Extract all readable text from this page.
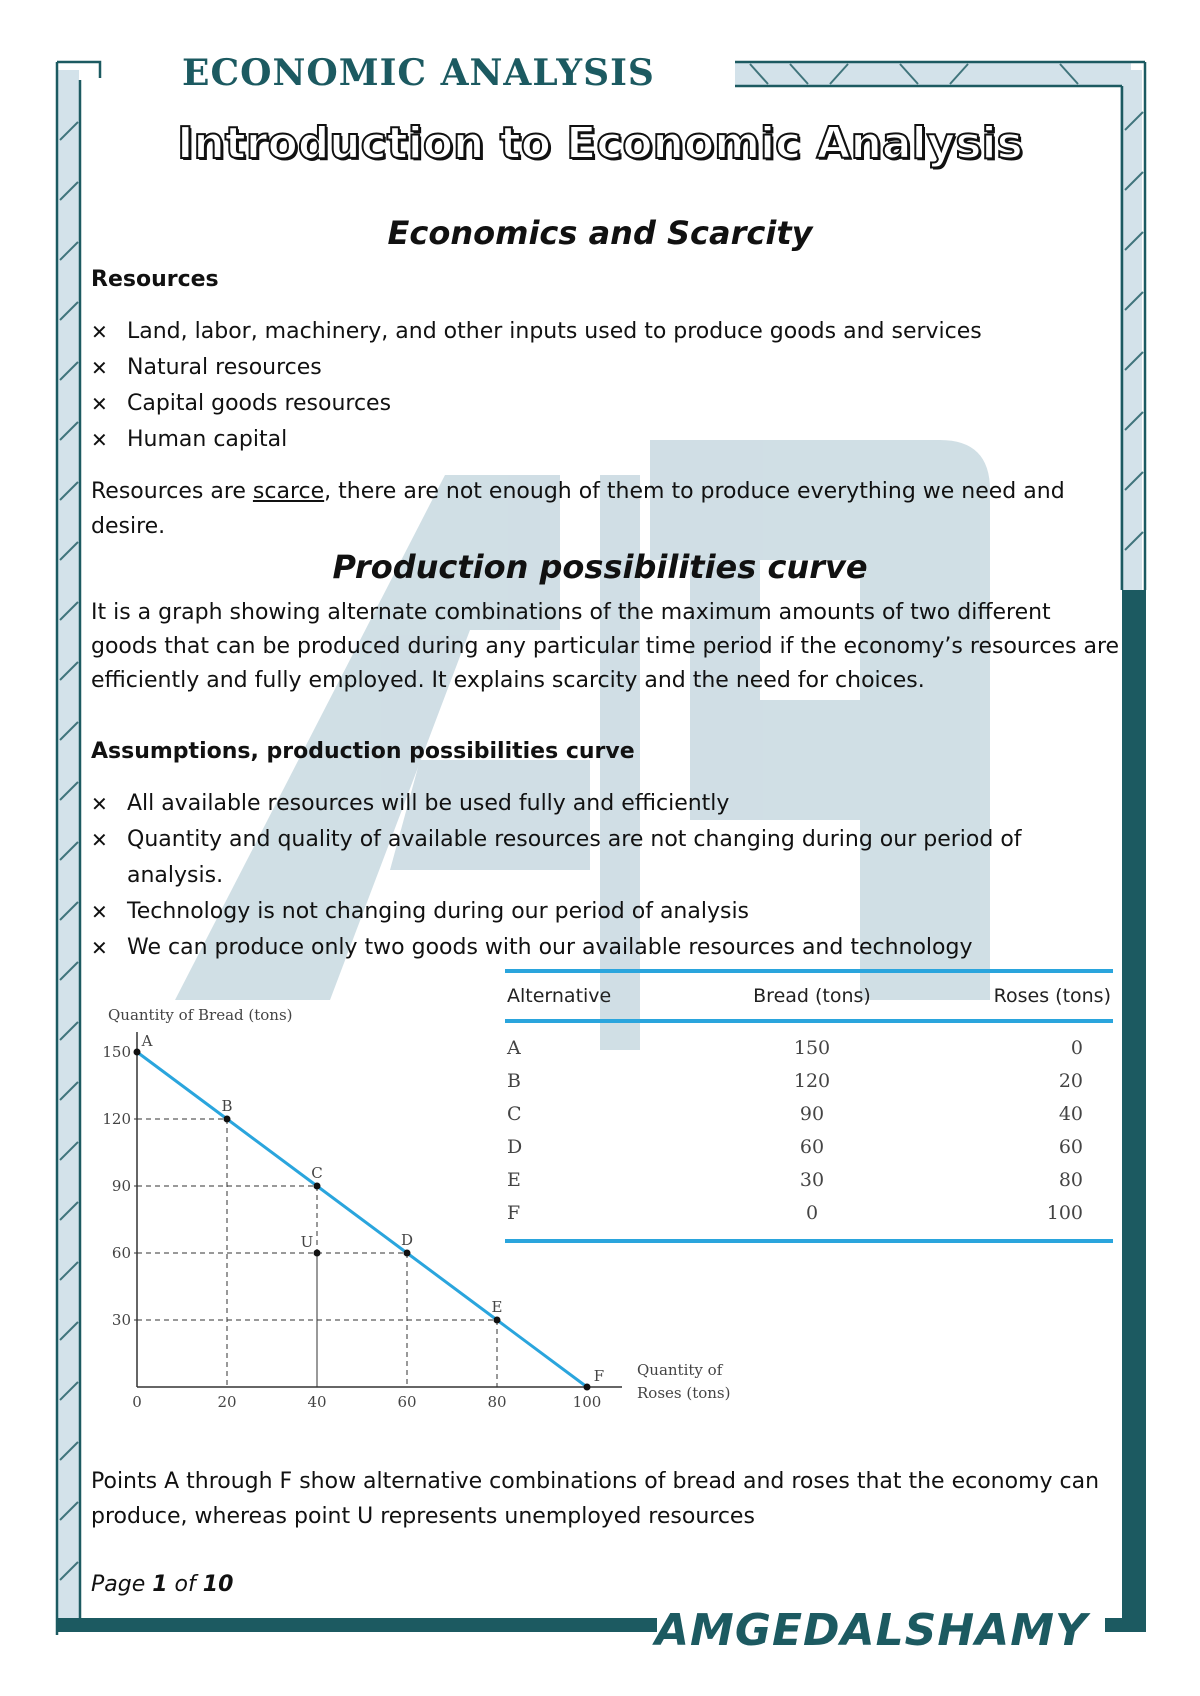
ECONOMIC ANALYSIS
Introduction to Economic Analysis
Economics and Scarcity
Resources
✕ Land, labor, machinery, and other inputs used to produce goods and services
✕ Natural resources
✕ Capital goods resources
✕ Human capital
Resources are scarce, there are not enough of them to produce everything we need and desire.
Production possibilities curve
It is a graph showing alternate combinations of the maximum amounts of two different goods that can be produced during any particular time period if the economy’s resources are efficiently and fully employed. It explains scarcity and the need for choices.
Assumptions, production possibilities curve
✕ All available resources will be used fully and efficiently
✕ Quantity and quality of available resources are not changing during our period of analysis.
✕ Technology is not changing during our period of analysis
✕ We can produce only two goods with our available resources and technology
Alternative	Bread (tons)	Roses (tons)
A	150	0
B	120	20
C	90	40
D	60	60
E	30	80
F	0	100
Quantity of Bread (tons)
Quantity of
Roses (tons)
0	20	40	60	80	100
30
60
90
120
150
A
B
C
D
E
F
U
Points A through F show alternative combinations of bread and roses that the economy can produce, whereas point U represents unemployed resources
Page 1 of 10
AMGEDALSHAMY
